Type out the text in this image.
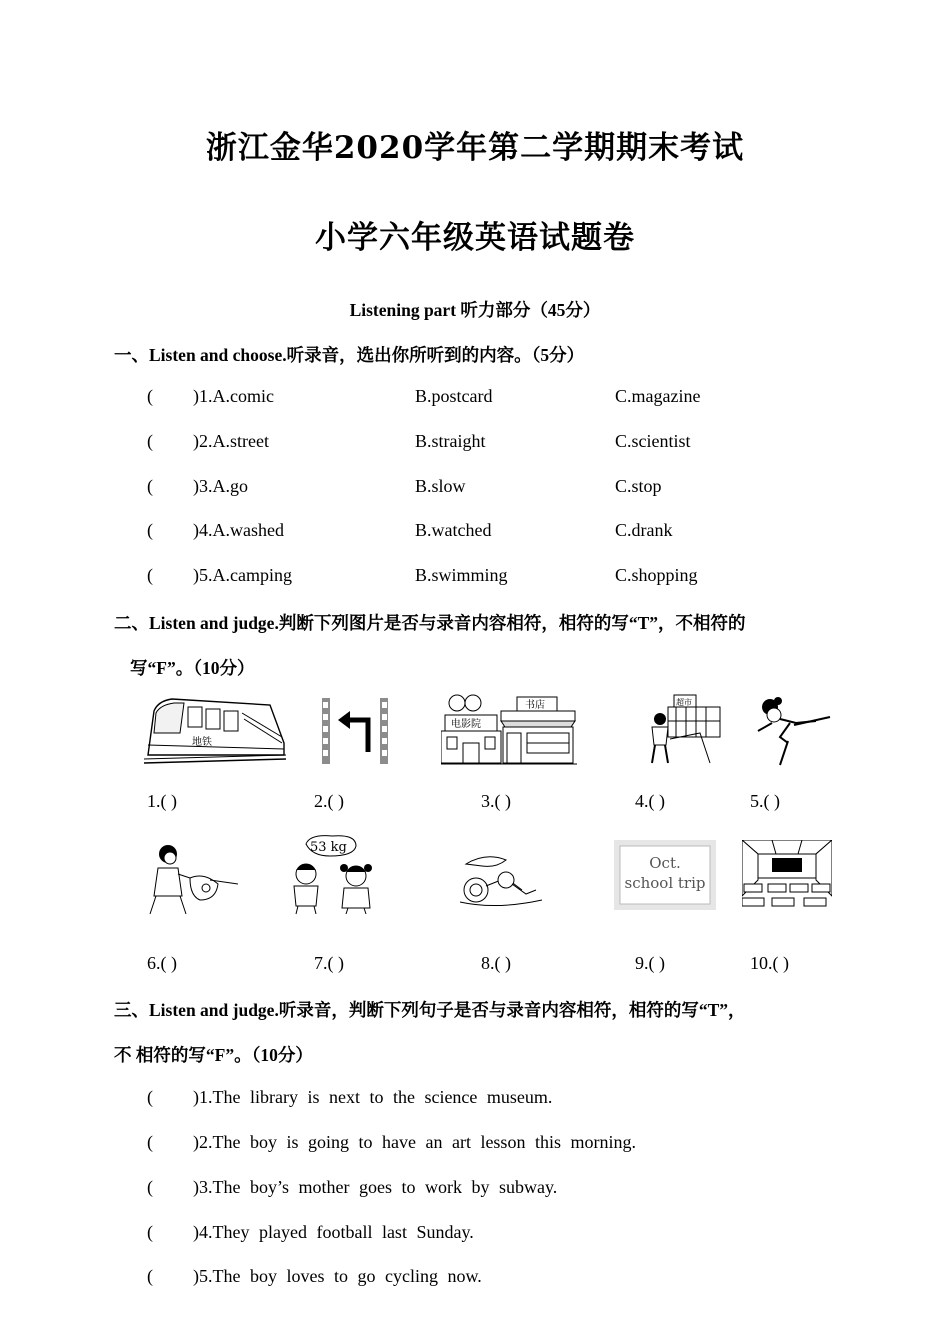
浙江金华2020学年第二学期期末考试
小学六年级英语试题卷
Listening part 听力部分（45分）
一、Listen and choose.听录音，选出你所听到的内容。（5分）
( )1.A.comic	B.postcard	C.magazine
( )2.A.street	B.straight	C.scientist
( )3.A.go	B.slow	C.stop
( )4.A.washed	B.watched	C.drank
( )5.A.camping	B.swimming	C.shopping
二、Listen and judge.判断下列图片是否与录音内容相符，相符的写“T”，不相符的
写“F”。（10分）
地铁
电影院
书店	超市
1.( )	2.( )	3.( )	4.( )	5.( )
53 kg
Oct.
school trip
6.( )	7.( )	8.( )	9.( )	10.( )
三、Listen and judge.听录音，判断下列句子是否与录音内容相符，相符的写“T”，
不 相符的写“F”。（10分）
( )1.The library is next to the science museum.
( )2.The boy is going to have an art lesson this morning.
( )3.The boy’s mother goes to work by subway.
( )4.They played football last Sunday.
( )5.The boy loves to go cycling now.
